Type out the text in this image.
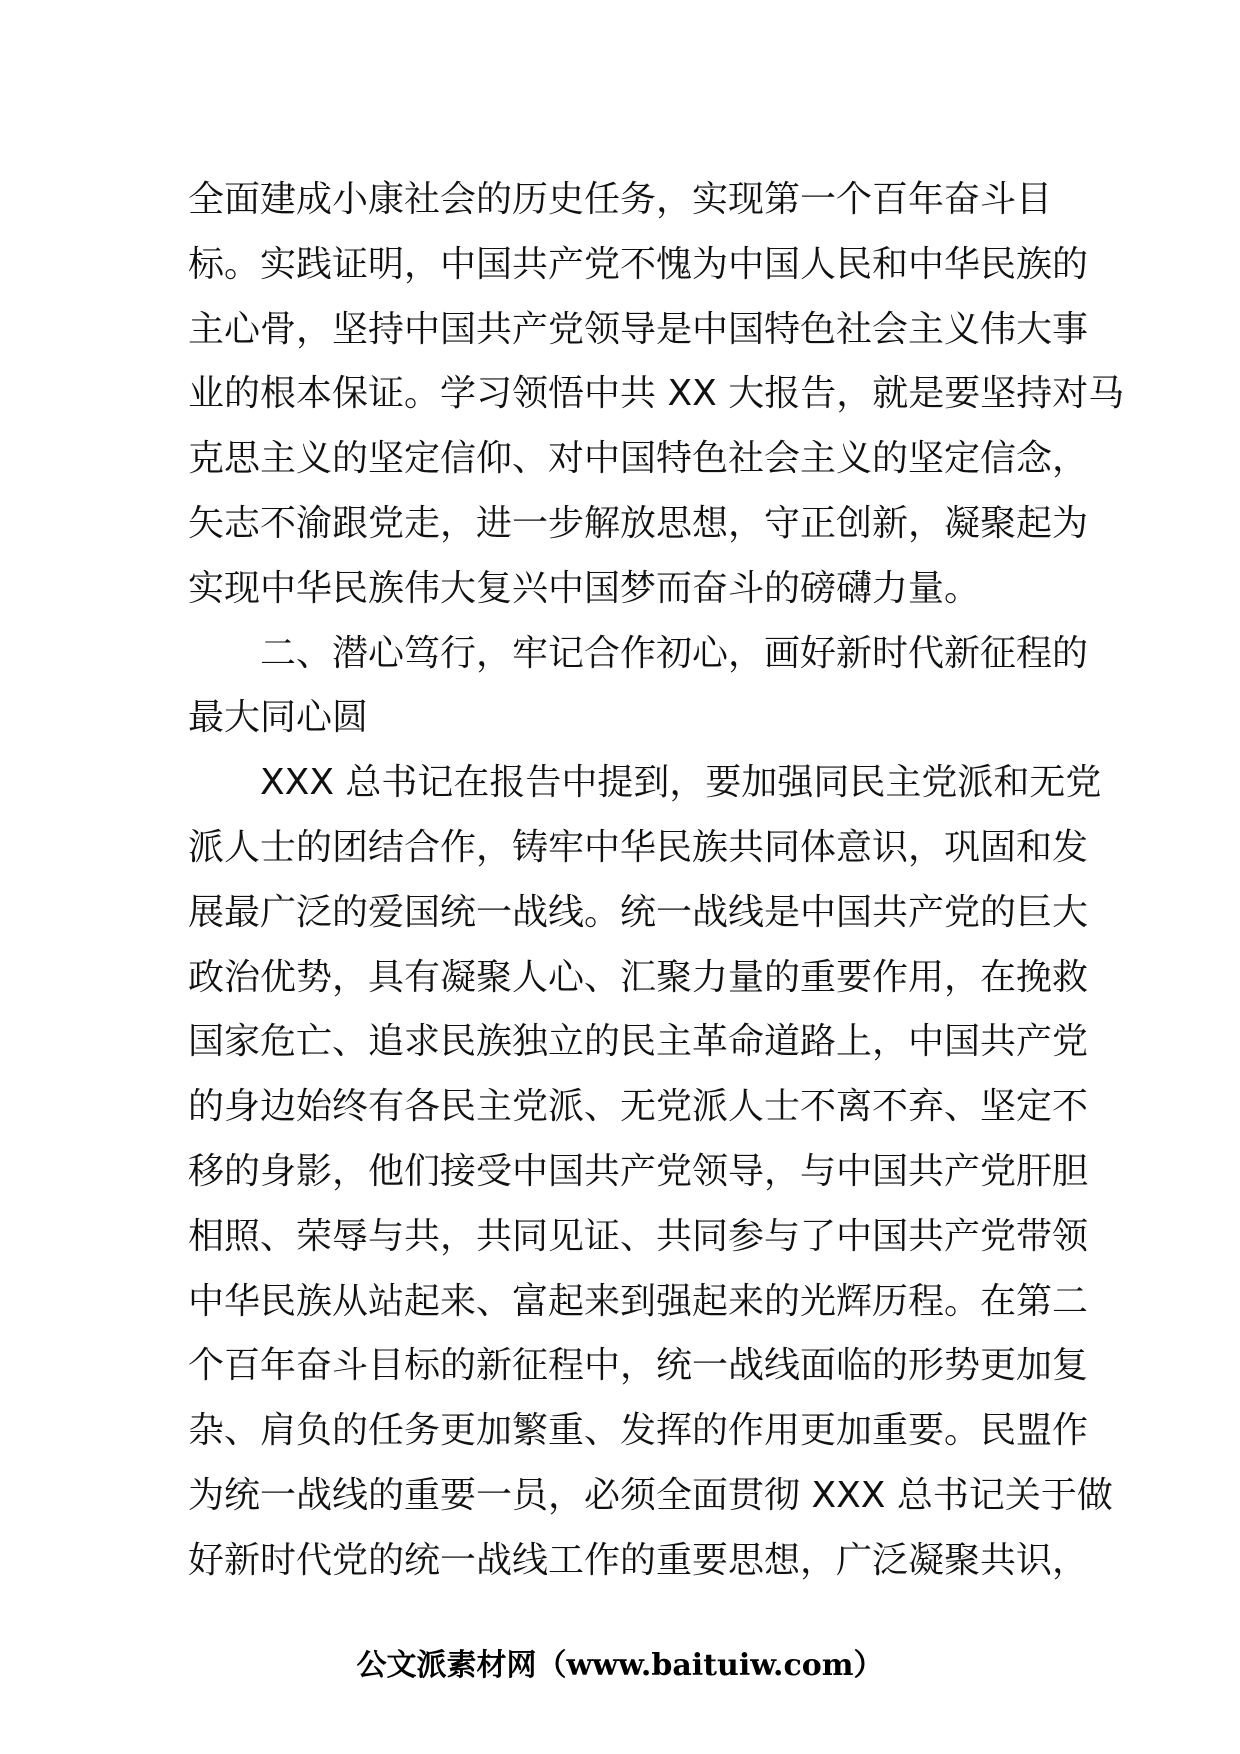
全面建成小康社会的历史任务，实现第一个百年奋斗目
标。实践证明，中国共产党不愧为中国人民和中华民族的
主心骨，坚持中国共产党领导是中国特色社会主义伟大事
业的根本保证。学习领悟中共 XX 大报告，就是要坚持对马
克思主义的坚定信仰、对中国特色社会主义的坚定信念，
矢志不渝跟党走，进一步解放思想，守正创新，凝聚起为
实现中华民族伟大复兴中国梦而奋斗的磅礴力量。
　　二、潜心笃行，牢记合作初心，画好新时代新征程的
最大同心圆
　　XXX 总书记在报告中提到，要加强同民主党派和无党
派人士的团结合作，铸牢中华民族共同体意识，巩固和发
展最广泛的爱国统一战线。统一战线是中国共产党的巨大
政治优势，具有凝聚人心、汇聚力量的重要作用，在挽救
国家危亡、追求民族独立的民主革命道路上，中国共产党
的身边始终有各民主党派、无党派人士不离不弃、坚定不
移的身影，他们接受中国共产党领导，与中国共产党肝胆
相照、荣辱与共，共同见证、共同参与了中国共产党带领
中华民族从站起来、富起来到强起来的光辉历程。在第二
个百年奋斗目标的新征程中，统一战线面临的形势更加复
杂、肩负的任务更加繁重、发挥的作用更加重要。民盟作
为统一战线的重要一员，必须全面贯彻 XXX 总书记关于做
好新时代党的统一战线工作的重要思想，广泛凝聚共识，
公文派素材网（www.baituiw.com）
